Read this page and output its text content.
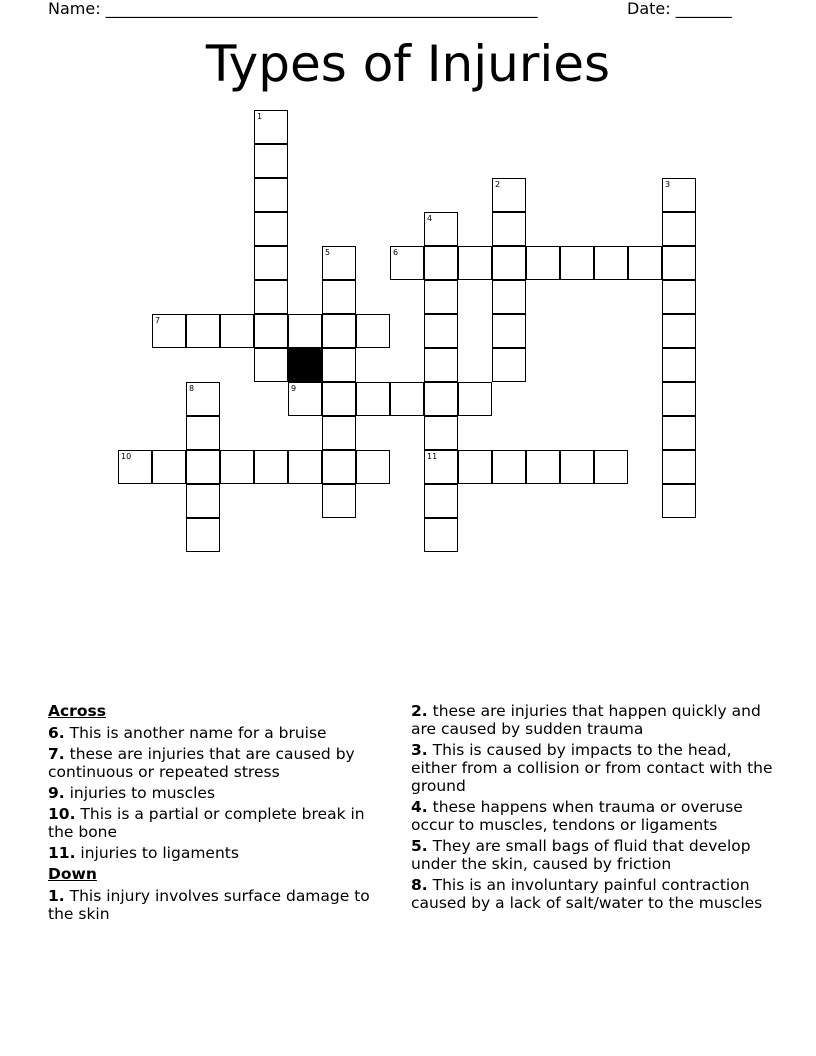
Name: ______________________________________________________	Date: _______
Types of Injuries
1
2	3
4
5	6
7
8	9
10	11
Across
6. This is another name for a bruise
7. these are injuries that are caused by continuous or repeated stress
9. injuries to muscles
10. This is a partial or complete break in the bone
11. injuries to ligaments
Down
1. This injury involves surface damage to the skin
2. these are injuries that happen quickly and are caused by sudden trauma
3. This is caused by impacts to the head, either from a collision or from contact with the ground
4. these happens when trauma or overuse occur to muscles, tendons or ligaments
5. They are small bags of fluid that develop under the skin, caused by friction
8. This is an involuntary painful contraction caused by a lack of salt/water to the muscles
